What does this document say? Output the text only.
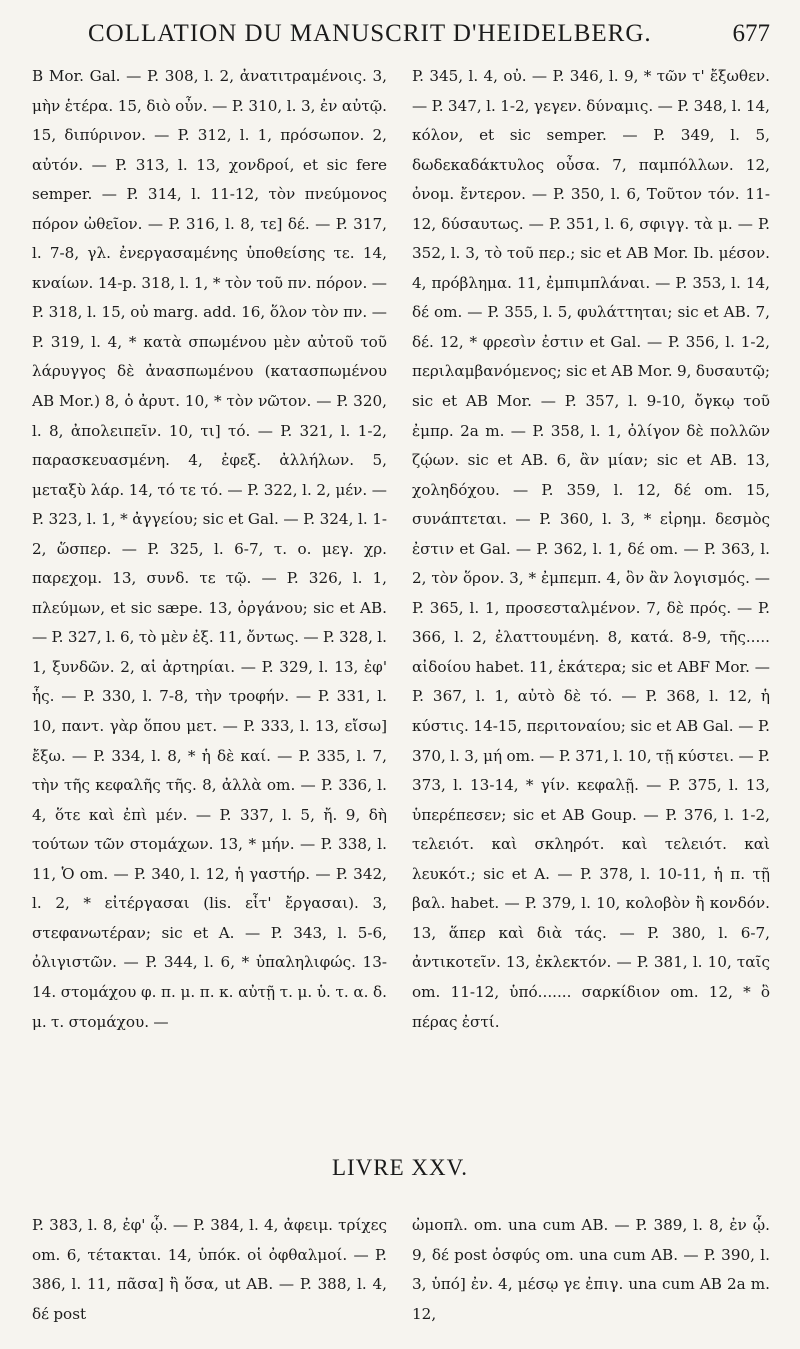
COLLATION DU MANUSCRIT D'HEIDELBERG.	677

B Mor. Gal. — P. 308, l. 2, ἀνατιτραμένοις. 3, μὴν ἑτέρα. 15, διὸ οὖν. — P. 310, l. 3, ἐν αὐτῷ. 15, διπύρινον. — P. 312, l. 1, πρόσωπον. 2, αὐτόν. — P. 313, l. 13, χονδροί, et sic fere semper. — P. 314, l. 11-12, τὸν πνεύμονος πόρον ὠθεῖον. — P. 316, l. 8, τε] δέ. — P. 317, l. 7-8, γλ. ἐνεργασαμένης ὑποθείσης τε. 14, κναίων. 14-p. 318, l. 1, * τὸν τοῦ πν. πόρον. — P. 318, l. 15, οὐ marg. add. 16, ὅλον τὸν πν. — P. 319, l. 4, * κατὰ σπωμένου μὲν αὐτοῦ τοῦ λάρυγγος δὲ ἀνασπωμένου (κατασπωμένου AB Mor.) 8, ὁ ἀρυτ. 10, * τὸν νῶτον. — P. 320, l. 8, ἀπολειπεῖν. 10, τι] τό. — P. 321, l. 1-2, παρασκευασμένη. 4, ἐφεξ. ἀλλήλων. 5, μεταξὺ λάρ. 14, τό τε τό. — P. 322, l. 2, μέν. — P. 323, l. 1, * ἀγγείου; sic et Gal. — P. 324, l. 1-2, ὥσπερ. — P. 325, l. 6-7, τ. ο. μεγ. χρ. παρεχομ. 13, συνδ. τε τῷ. — P. 326, l. 1, πλεύμων, et sic sæpe. 13, ὀργάνου; sic et AB. — P. 327, l. 6, τὸ μὲν ἐξ. 11, ὄντως. — P. 328, l. 1, ξυνδῶν. 2, αἱ ἀρτηρίαι. — P. 329, l. 13, ἐφ' ἧς. — P. 330, l. 7-8, τὴν τροφήν. — P. 331, l. 10, παντ. γὰρ ὅπου μετ. — P. 333, l. 13, εἴσω] ἔξω. — P. 334, l. 8, * ἡ δὲ καί. — P. 335, l. 7, τὴν τῆς κεφαλῆς τῆς. 8, ἀλλὰ om. — P. 336, l. 4, ὅτε καὶ ἐπὶ μέν. — P. 337, l. 5, ἤ. 9, δὴ τούτων τῶν στομάχων. 13, * μήν. — P. 338, l. 11, Ὁ om. — P. 340, l. 12, ἡ γαστήρ. — P. 342, l. 2, * εἰτέργασαι (lis. εἶτ' ἔργασαι). 3, στεφανωτέραν; sic et A. — P. 343, l. 5-6, ὀλιγιστῶν. — P. 344, l. 6, * ὑπαληλιφώς. 13-14. στομάχου φ. π. μ. π. κ. αὐτῇ τ. μ. ὑ. τ. α. δ. μ. τ. στομάχου. —

P. 345, l. 4, οὐ. — P. 346, l. 9, * τῶν τ' ἔξωθεν. — P. 347, l. 1-2, γεγεν. δύναμις. — P. 348, l. 14, κόλον, et sic semper. — P. 349, l. 5, δωδεκαδάκτυλος οὖσα. 7, παμπόλλων. 12, ὀνομ. ἔντερον. — P. 350, l. 6, Τοῦτον τόν. 11-12, δύσαυτως. — P. 351, l. 6, σφιγγ. τὰ μ. — P. 352, l. 3, τὸ τοῦ περ.; sic et AB Mor. Ib. μέσον. 4, πρόβλημα. 11, ἐμπιμπλάναι. — P. 353, l. 14, δέ om. — P. 355, l. 5, φυλάττηται; sic et AB. 7, δέ. 12, * φρεσὶν ἐστιν et Gal. — P. 356, l. 1-2, περιλαμβανόμενος; sic et AB Mor. 9, δυσαυτῷ; sic et AB Mor. — P. 357, l. 9-10, ὄγκῳ τοῦ ἐμπρ. 2a m. — P. 358, l. 1, ὀλίγον δὲ πολλῶν ζῴων. sic et AB. 6, ἂν μίαν; sic et AB. 13, χοληδόχου. — P. 359, l. 12, δέ om. 15, συνάπτεται. — P. 360, l. 3, * εἰρημ. δεσμὸς ἐστιν et Gal. — P. 362, l. 1, δέ om. — P. 363, l. 2, τὸν ὅρον. 3, * ἐμπεμπ. 4, ὃν ἂν λογισμός. — P. 365, l. 1, προσεσταλμένον. 7, δὲ πρός. — P. 366, l. 2, ἐλαττουμένη. 8, κατά. 8-9, τῆς..... αἰδοίου habet. 11, ἑκάτερα; sic et ABF Mor. — P. 367, l. 1, αὐτὸ δὲ τό. — P. 368, l. 12, ἡ κύστις. 14-15, περιτοναίου; sic et AB Gal. — P. 370, l. 3, μή om. — P. 371, l. 10, τῇ κύστει. — P. 373, l. 13-14, * γίν. κεφαλῇ. — P. 375, l. 13, ὑπερέπεσεν; sic et AB Goup. — P. 376, l. 1-2, τελειότ. καὶ σκληρότ. καὶ τελειότ. καὶ λευκότ.; sic et A. — P. 378, l. 10-11, ἡ π. τῇ βαλ. habet. — P. 379, l. 10, κολοβὸν ἢ κονδόν. 13, ἅπερ καὶ διὰ τάς. — P. 380, l. 6-7, ἀντικοτεῖν. 13, ἐκλεκτόν. — P. 381, l. 10, ταῖς om. 11-12, ὑπό....... σαρκίδιον om. 12, * ὃ πέρας ἐστί.

LIVRE XXV.

P. 383, l. 8, ἐφ' ᾧ. — P. 384, l. 4, ἀφειμ. τρίχες om. 6, τέτακται. 14, ὑπόκ. οἱ ὀφθαλμοί. — P. 386, l. 11, πᾶσα] ἢ ὅσα, ut AB. — P. 388, l. 4, δέ post

ὠμοπλ. om. una cum AB. — P. 389, l. 8, ἐν ᾧ. 9, δέ post ὀσφύς om. una cum AB. — P. 390, l. 3, ὑπό] ἐν. 4, μέσῳ γε ἐπιγ. una cum AB 2a m. 12,
